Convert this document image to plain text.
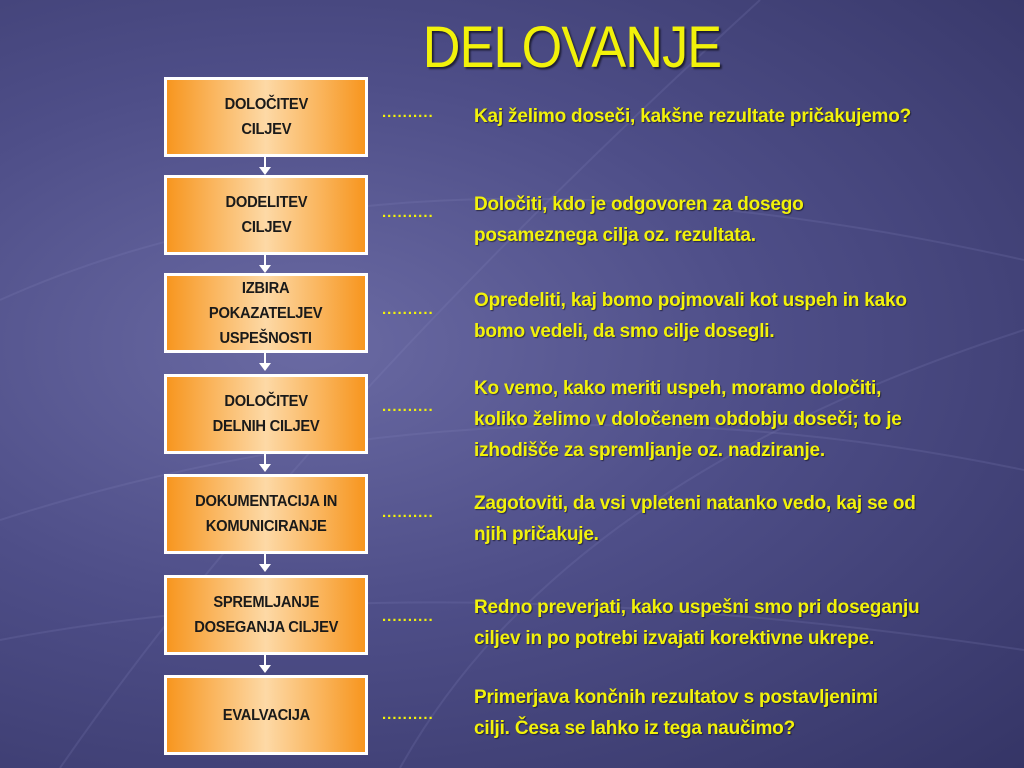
DELOVANJE
DOLOČITEV
CILJEV
.......... Kaj želimo doseči, kakšne rezultate pričakujemo?
DODELITEV
CILJEV
.......... Določiti, kdo je odgovoren za dosego
posameznega cilja oz. rezultata.
IZBIRA
POKAZATELJEV
USPEŠNOSTI
.......... Opredeliti, kaj bomo pojmovali kot uspeh in kako
bomo vedeli, da smo cilje dosegli.
DOLOČITEV
DELNIH CILJEV
..........
Ko vemo, kako meriti uspeh, moramo določiti,
koliko želimo v določenem obdobju doseči; to je
izhodišče za spremljanje oz. nadziranje.
DOKUMENTACIJA IN
KOMUNICIRANJE
.......... Zagotoviti, da vsi vpleteni natanko vedo, kaj se od
njih pričakuje.
SPREMLJANJE
DOSEGANJA CILJEV
.......... Redno preverjati, kako uspešni smo pri doseganju
ciljev in po potrebi izvajati korektivne ukrepe.
EVALVACIJA	..........
Primerjava končnih rezultatov s postavljenimi
cilji. Česa se lahko iz tega naučimo?
